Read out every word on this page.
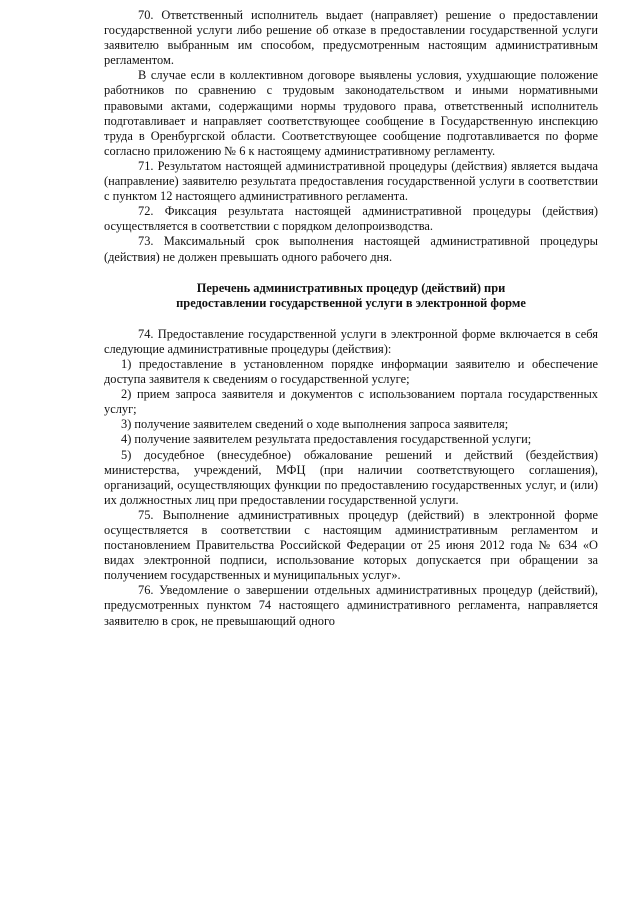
70. Ответственный исполнитель выдает (направляет) решение о предоставлении государственной услуги либо решение об отказе в предоставлении государственной услуги заявителю выбранным им способом, предусмотренным настоящим административным регламентом.

В случае если в коллективном договоре выявлены условия, ухудшающие положение работников по сравнению с трудовым законодательством и иными нормативными правовыми актами, содержащими нормы трудового права, ответственный исполнитель подготавливает и направляет соответствующее сообщение в Государственную инспекцию труда в Оренбургской области. Соответствующее сообщение подготавливается по форме согласно приложению № 6 к настоящему административному регламенту.

71. Результатом настоящей административной процедуры (действия) является выдача (направление) заявителю результата предоставления государственной услуги в соответствии с пунктом 12 настоящего административного регламента.

72. Фиксация результата настоящей административной процедуры (действия) осуществляется в соответствии с порядком делопроизводства.

73. Максимальный срок выполнения настоящей административной процедуры (действия) не должен превышать одного рабочего дня.

Перечень административных процедур (действий) при
предоставлении государственной услуги в электронной форме

74. Предоставление государственной услуги в электронной форме включается в себя следующие административные процедуры (действия):

1) предоставление в установленном порядке информации заявителю и обеспечение доступа заявителя к сведениям о государственной услуге;

2) прием запроса заявителя и документов с использованием портала государственных услуг;

3) получение заявителем сведений о ходе выполнения запроса заявителя;

4) получение заявителем результата предоставления государственной услуги;

5) досудебное (внесудебное) обжалование решений и действий (бездействия) министерства, учреждений, МФЦ (при наличии соответствующего соглашения), организаций, осуществляющих функции по предоставлению государственных услуг, и (или) их должностных лиц при предоставлении государственной услуги.

75. Выполнение административных процедур (действий) в электронной форме осуществляется в соответствии с настоящим административным регламентом и постановлением Правительства Российской Федерации от 25 июня 2012 года № 634 «О видах электронной подписи, использование которых допускается при обращении за получением государственных и муниципальных услуг».

76. Уведомление о завершении отдельных административных процедур (действий), предусмотренных пунктом 74 настоящего административного регламента, направляется заявителю в срок, не превышающий одного
